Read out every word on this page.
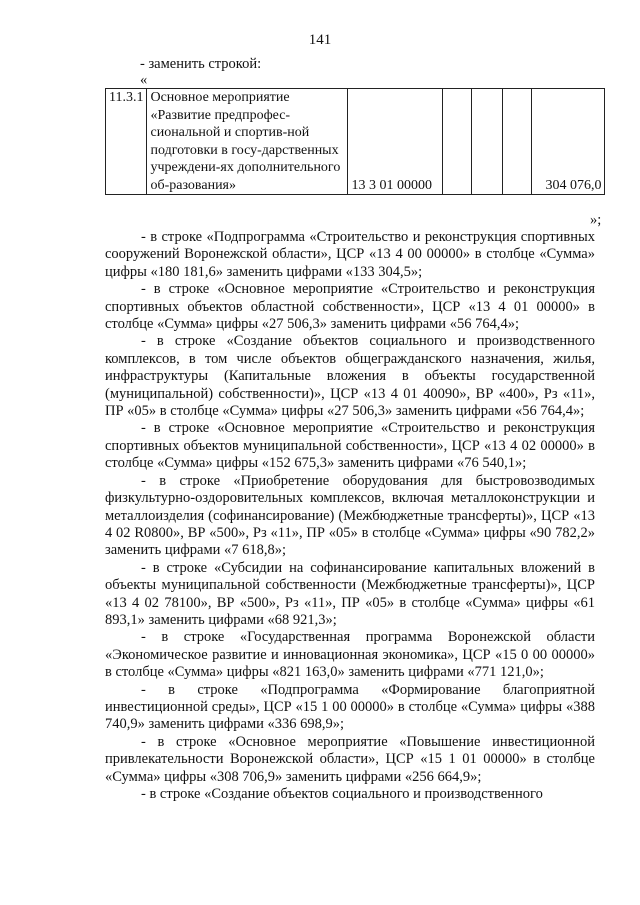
141
- заменить строкой:
«
11.3.1	Основное мероприятие «Развитие предпрофес-сиональной и спортив-ной подготовки в госу-дарственных учреждени-ях дополнительного об-разования»	13 3 01 00000				304 076,0
»;

- в строке «Подпрограмма «Строительство и реконструкция спортивных сооружений Воронежской области», ЦСР «13 4 00 00000» в столбце «Сумма» цифры «180 181,6» заменить цифрами «133 304,5»;

- в строке «Основное мероприятие «Строительство и реконструкция спортивных объектов областной собственности», ЦСР «13 4 01 00000» в столбце «Сумма» цифры «27 506,3» заменить цифрами «56 764,4»;

- в строке «Создание объектов социального и производственного комплексов, в том числе объектов общегражданского назначения, жилья, инфраструктуры (Капитальные вложения в объекты государственной (муниципальной) собственности)», ЦСР «13 4 01 40090», ВР «400», Рз «11», ПР «05» в столбце «Сумма» цифры «27 506,3» заменить цифрами «56 764,4»;

- в строке «Основное мероприятие «Строительство и реконструкция спортивных объектов муниципальной собственности», ЦСР «13 4 02 00000» в столбце «Сумма» цифры «152 675,3» заменить цифрами «76 540,1»;

- в строке «Приобретение оборудования для быстровозводимых физкультурно-оздоровительных комплексов, включая металлоконструкции и металлоизделия (софинансирование) (Межбюджетные трансферты)», ЦСР «13 4 02 R0800», ВР «500», Рз «11», ПР «05» в столбце «Сумма» цифры «90 782,2» заменить цифрами «7 618,8»;

- в строке «Субсидии на софинансирование капитальных вложений в объекты муниципальной собственности (Межбюджетные трансферты)», ЦСР «13 4 02 78100», ВР «500», Рз «11», ПР «05» в столбце «Сумма» цифры «61 893,1» заменить цифрами «68 921,3»;

- в строке «Государственная программа Воронежской области «Экономическое развитие и инновационная экономика», ЦСР «15 0 00 00000» в столбце «Сумма» цифры «821 163,0» заменить цифрами «771 121,0»;

- в строке «Подпрограмма «Формирование благоприятной инвестиционной среды», ЦСР «15 1 00 00000» в столбце «Сумма» цифры «388 740,9» заменить цифрами «336 698,9»;

- в строке «Основное мероприятие «Повышение инвестиционной привлекательности Воронежской области», ЦСР «15 1 01 00000» в столбце «Сумма» цифры «308 706,9» заменить цифрами «256 664,9»;

- в строке «Создание объектов социального и производственного
